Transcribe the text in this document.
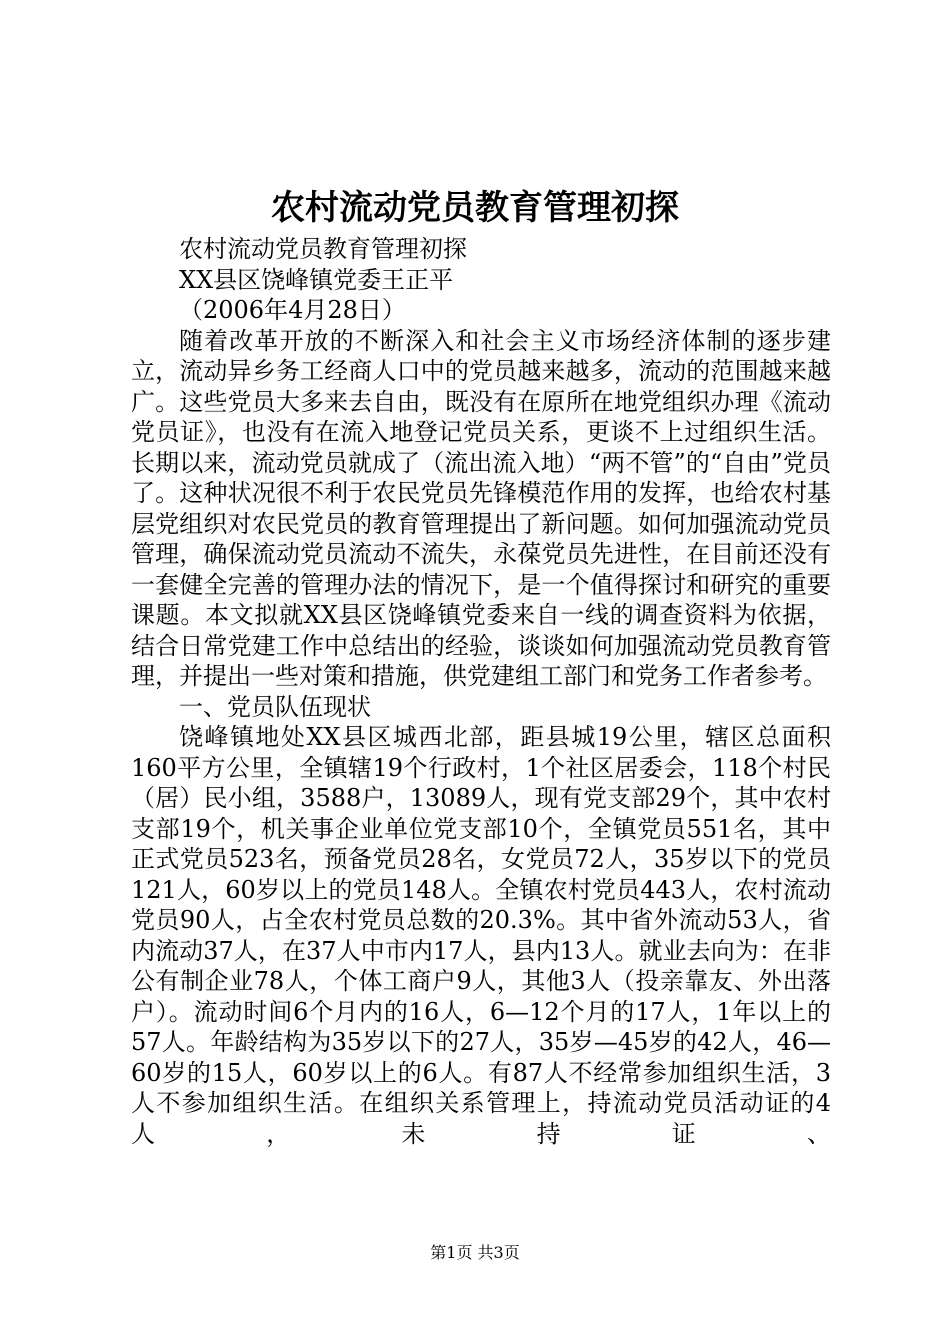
农村流动党员教育管理初探

农村流动党员教育管理初探

XX县区饶峰镇党委王正平

（2006年4月28日）

随着改革开放的不断深入和社会主义市场经济体制的逐步建立，流动异乡务工经商人口中的党员越来越多，流动的范围越来越广。这些党员大多来去自由，既没有在原所在地党组织办理《流动党员证》，也没有在流入地登记党员关系，更谈不上过组织生活。长期以来，流动党员就成了（流出流入地）“两不管”的“自由”党员了。这种状况很不利于农民党员先锋模范作用的发挥，也给农村基层党组织对农民党员的教育管理提出了新问题。如何加强流动党员管理，确保流动党员流动不流失，永葆党员先进性，在目前还没有一套健全完善的管理办法的情况下，是一个值得探讨和研究的重要课题。本文拟就XX县区饶峰镇党委来自一线的调查资料为依据，结合日常党建工作中总结出的经验，谈谈如何加强流动党员教育管理，并提出一些对策和措施，供党建组工部门和党务工作者参考。

一、党员队伍现状

饶峰镇地处XX县区城西北部，距县城19公里，辖区总面积160平方公里，全镇辖19个行政村，1个社区居委会，118个村民（居）民小组，3588户，13089人，现有党支部29个，其中农村支部19个，机关事企业单位党支部10个，全镇党员551名，其中正式党员523名，预备党员28名，女党员72人，35岁以下的党员121人，60岁以上的党员148人。全镇农村党员443人，农村流动党员90人，占全农村党员总数的20.3%。其中省外流动53人，省内流动37人，在37人中市内17人，县内13人。就业去向为：在非公有制企业78人，个体工商户9人，其他3人（投亲靠友、外出落户）。流动时间6个月内的16人，6—12个月的17人，1年以上的57人。年龄结构为35岁以下的27人，35岁—45岁的42人，46—60岁的15人，60岁以上的6人。有87人不经常参加组织生活，3人不参加组织生活。在组织关系管理上，持流动党员活动证的4人，未持证、

第1页 共3页
